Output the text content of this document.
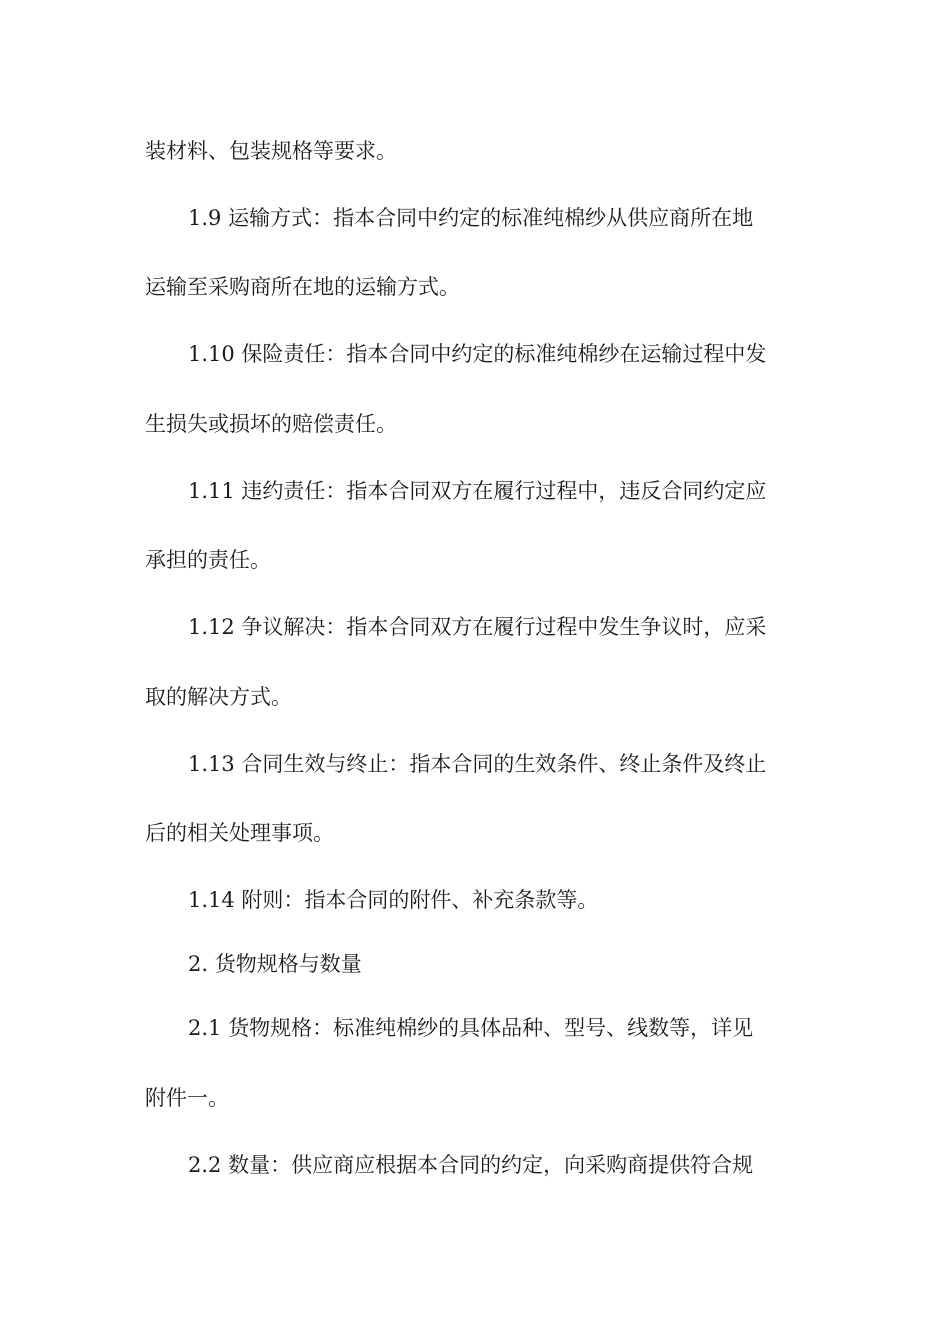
装材料、包装规格等要求。
1.9 运输方式：指本合同中约定的标准纯棉纱从供应商所在地
运输至采购商所在地的运输方式。
1.10 保险责任：指本合同中约定的标准纯棉纱在运输过程中发
生损失或损坏的赔偿责任。
1.11 违约责任：指本合同双方在履行过程中，违反合同约定应
承担的责任。
1.12 争议解决：指本合同双方在履行过程中发生争议时，应采
取的解决方式。
1.13 合同生效与终止：指本合同的生效条件、终止条件及终止
后的相关处理事项。
1.14 附则：指本合同的附件、补充条款等。
2. 货物规格与数量
2.1 货物规格：标准纯棉纱的具体品种、型号、线数等，详见
附件一。
2.2 数量：供应商应根据本合同的约定，向采购商提供符合规
